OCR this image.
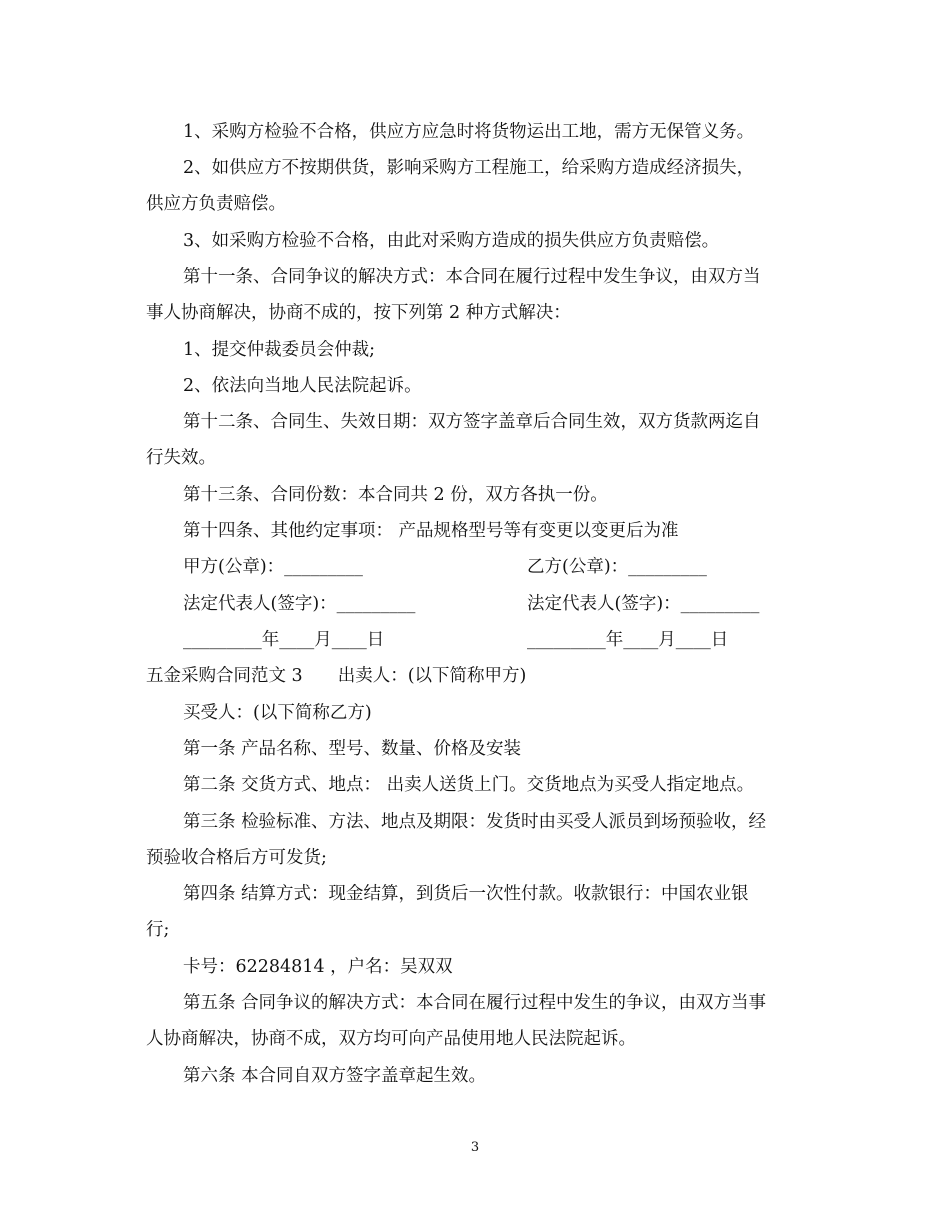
1、采购方检验不合格，供应方应急时将货物运出工地，需方无保管义务。
2、如供应方不按期供货，影响采购方工程施工，给采购方造成经济损失，
供应方负责赔偿。
3、如采购方检验不合格，由此对采购方造成的损失供应方负责赔偿。
第十一条、合同争议的解决方式：本合同在履行过程中发生争议，由双方当
事人协商解决，协商不成的，按下列第 2 种方式解决：
1、提交仲裁委员会仲裁;
2、依法向当地人民法院起诉。
第十二条、合同生、失效日期：双方签字盖章后合同生效，双方货款两迄自
行失效。
第十三条、合同份数：本合同共 2 份，双方各执一份。
第十四条、其他约定事项： 产品规格型号等有变更以变更后为准
甲方(公章)：_________	乙方(公章)：_________
法定代表人(签字)：_________	法定代表人(签字)：_________
_________年____月____日	_________年____月____日
五金采购合同范文 3　　出卖人：(以下简称甲方)
买受人：(以下简称乙方)
第一条 产品名称、型号、数量、价格及安装
第二条 交货方式、地点： 出卖人送货上门。交货地点为买受人指定地点。
第三条 检验标准、方法、地点及期限：发货时由买受人派员到场预验收，经
预验收合格后方可发货;
第四条 结算方式：现金结算，到货后一次性付款。收款银行：中国农业银
行;
卡号：62284814 ，户名：吴双双
第五条 合同争议的解决方式：本合同在履行过程中发生的争议，由双方当事
人协商解决，协商不成，双方均可向产品使用地人民法院起诉。
第六条 本合同自双方签字盖章起生效。
3
